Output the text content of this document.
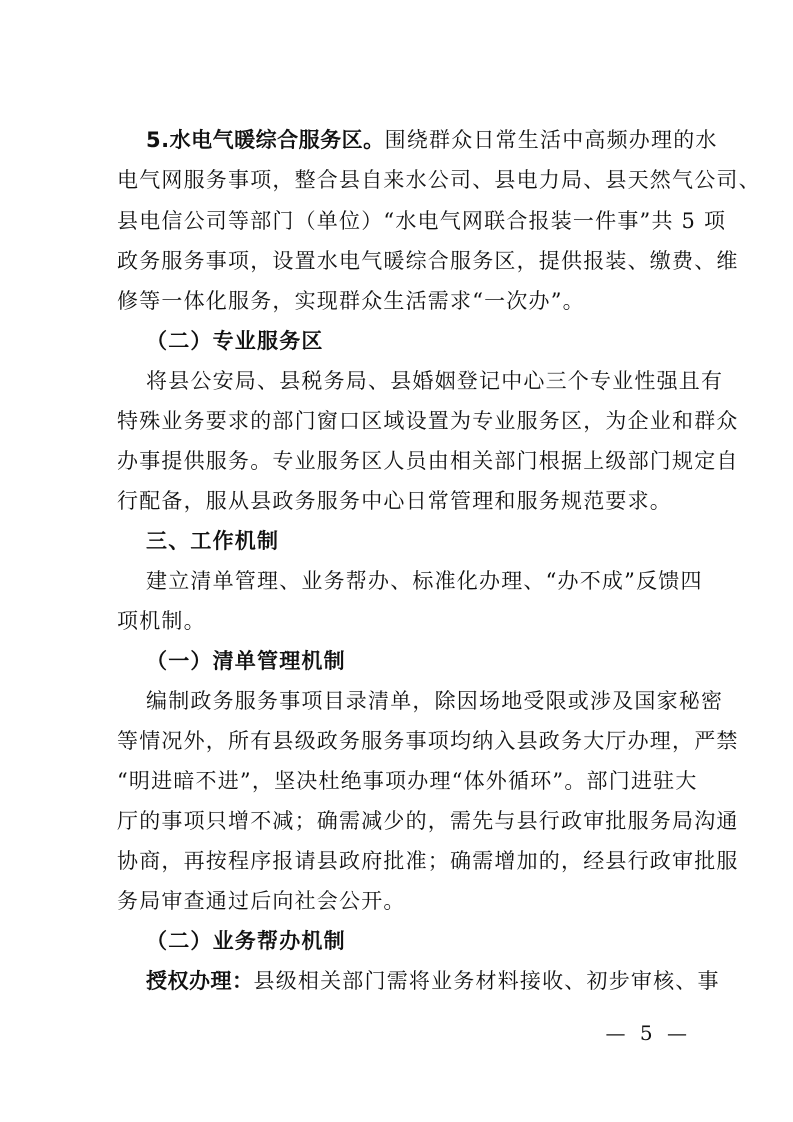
5.水电气暖综合服务区。围绕群众日常生活中高频办理的水
电气网服务事项，整合县自来水公司、县电力局、县天然气公司、
县电信公司等部门（单位）“水电气网联合报装一件事”共 5 项
政务服务事项，设置水电气暖综合服务区，提供报装、缴费、维
修等一体化服务，实现群众生活需求“一次办”。
（二）专业服务区
将县公安局、县税务局、县婚姻登记中心三个专业性强且有
特殊业务要求的部门窗口区域设置为专业服务区，为企业和群众
办事提供服务。专业服务区人员由相关部门根据上级部门规定自
行配备，服从县政务服务中心日常管理和服务规范要求。
三、工作机制
建立清单管理、业务帮办、标准化办理、“办不成”反馈四
项机制。
（一）清单管理机制
编制政务服务事项目录清单，除因场地受限或涉及国家秘密
等情况外，所有县级政务服务事项均纳入县政务大厅办理，严禁
“明进暗不进”，坚决杜绝事项办理“体外循环”。部门进驻大
厅的事项只增不减；确需减少的，需先与县行政审批服务局沟通
协商，再按程序报请县政府批准；确需增加的，经县行政审批服
务局审查通过后向社会公开。
（二）业务帮办机制
授权办理：县级相关部门需将业务材料接收、初步审核、事
— 5 —
